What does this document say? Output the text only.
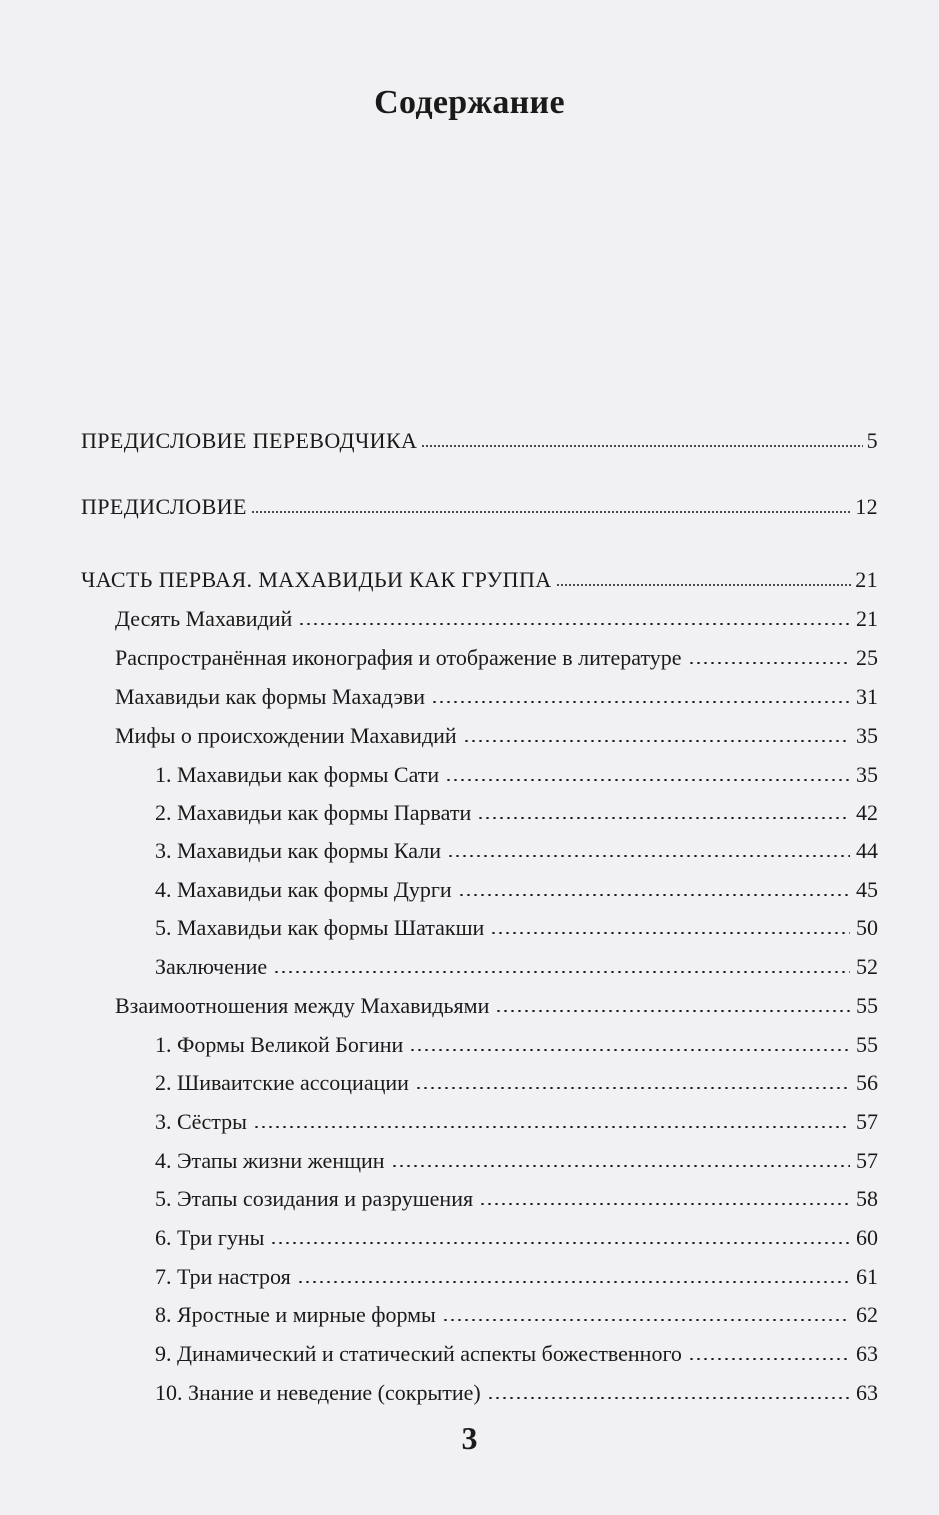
Содержание
ПРЕДИСЛОВИЕ ПЕРЕВОДЧИКА	5
ПРЕДИСЛОВИЕ	12
ЧАСТЬ ПЕРВАЯ. МАХАВИДЬИ КАК ГРУППА	21
Десять Махавидий	21
Распространённая иконография и отображение в литературе	25
Махавидьи как формы Махадэви	31
Мифы о происхождении Махавидий	35
1. Махавидьи как формы Сати	35
2. Махавидьи как формы Парвати	42
3. Махавидьи как формы Кали	44
4. Махавидьи как формы Дурги	45
5. Махавидьи как формы Шатакши	50
Заключение	52
Взаимоотношения между Махавидьями	55
1. Формы Великой Богини	55
2. Шиваитские ассоциации	56
3. Сёстры	57
4. Этапы жизни женщин	57
5. Этапы созидания и разрушения	58
6. Три гуны	60
7. Три настроя	61
8. Яростные и мирные формы	62
9. Динамический и статический аспекты божественного	63
10. Знание и неведение (сокрытие)	63
3
